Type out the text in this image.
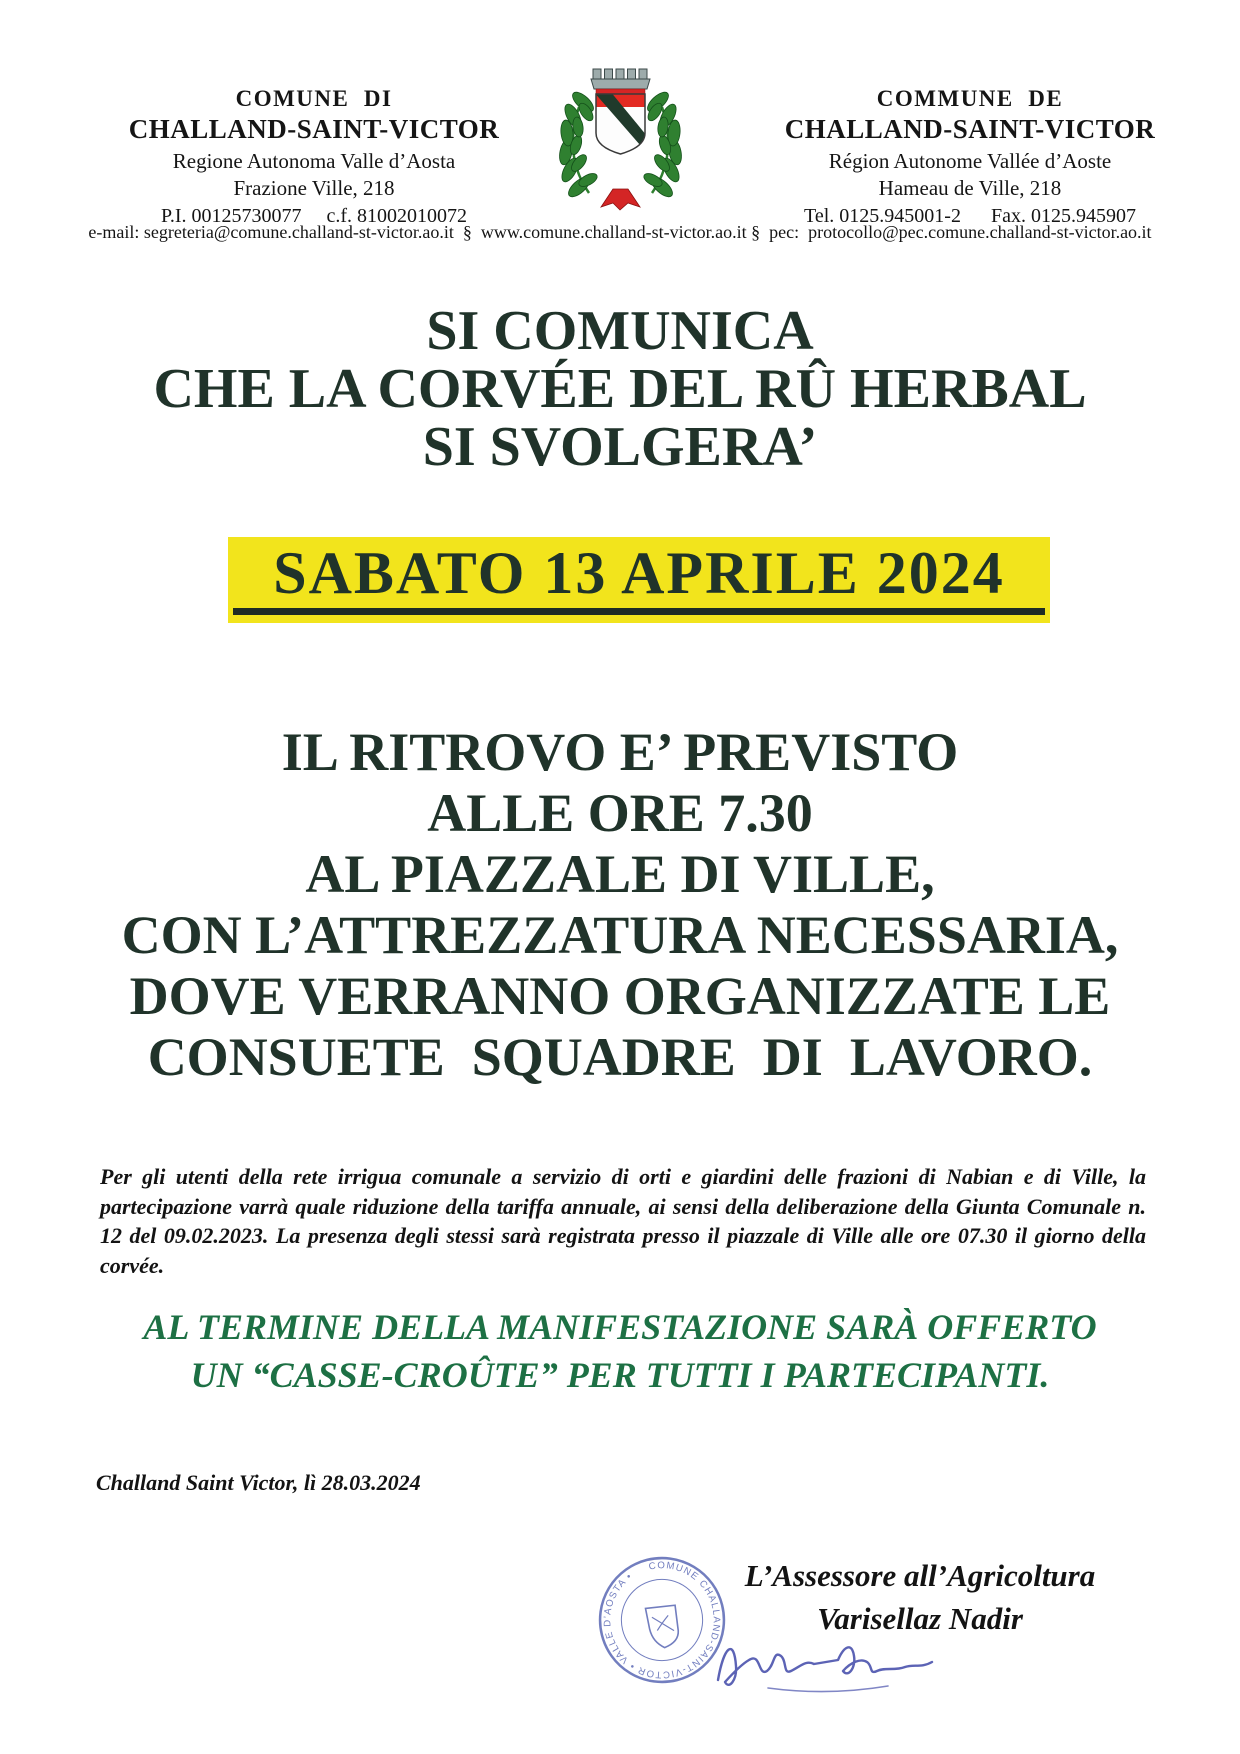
COMUNE  DI
CHALLAND-SAINT-VICTOR
Regione Autonoma Valle d’Aosta
Frazione Ville, 218
P.I. 00125730077     c.f. 81002010072
COMMUNE  DE
CHALLAND-SAINT-VICTOR
Région Autonome Vallée d’Aoste
Hameau de Ville, 218
Tel. 0125.945001-2      Fax. 0125.945907
e-mail: segreteria@comune.challand-st-victor.ao.it  §  www.comune.challand-st-victor.ao.it §  pec:  protocollo@pec.comune.challand-st-victor.ao.it
SI COMUNICA
CHE LA CORVÉE DEL RÛ HERBAL
SI SVOLGERA’
SABATO 13 APRILE 2024
IL RITROVO E’ PREVISTO
ALLE ORE 7.30
AL PIAZZALE DI VILLE,
CON L’ATTREZZATURA NECESSARIA,
DOVE VERRANNO ORGANIZZATE LE
CONSUETE  SQUADRE  DI  LAVORO.

Per gli utenti della rete irrigua comunale a servizio di orti e giardini delle frazioni di Nabian e di Ville, la partecipazione varrà quale riduzione della tariffa annuale, ai sensi della deliberazione della Giunta Comunale n. 12 del 09.02.2023. La presenza degli stessi sarà registrata presso il piazzale di Ville alle ore 07.30 il giorno della corvée.

AL TERMINE DELLA MANIFESTAZIONE SARÀ OFFERTO
UN “CASSE-CROÛTE” PER TUTTI I PARTECIPANTI.
Challand Saint Victor, lì 28.03.2024
COMUNE CHALLAND-SAINT-VICTOR • VALLE D’AOSTA •	L’Assessore all’Agricoltura
Varisellaz Nadir
